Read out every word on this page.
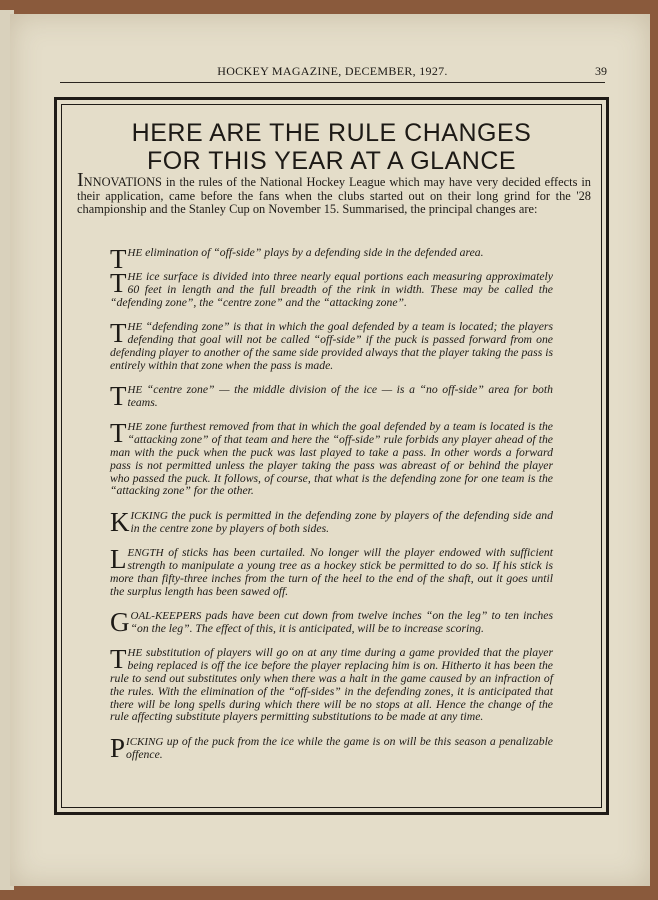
HOCKEY MAGAZINE, DECEMBER, 1927.	39
HERE ARE THE RULE CHANGES
FOR THIS YEAR AT A GLANCE
INNOVATIONS in the rules of the National Hockey League which may have very decided effects in their application, came before the fans when the clubs started out on their long grind for the '28 championship and the Stanley Cup on November 15. Summarised, the principal changes are:

THE elimination of “off-side” plays by a defending side in the defended area.

THE ice surface is divided into three nearly equal portions each measuring approximately 60 feet in length and the full breadth of the rink in width. These may be called the “defending zone”, the “centre zone” and the “attacking zone”.

THE “defending zone” is that in which the goal defended by a team is located; the players defending that goal will not be called “off-side” if the puck is passed forward from one defending player to another of the same side provided always that the player taking the pass is entirely within that zone when the pass is made.

THE “centre zone” — the middle division of the ice — is a “no off-side” area for both teams.

THE zone furthest removed from that in which the goal defended by a team is located is the “attacking zone” of that team and here the “off-side” rule forbids any player ahead of the man with the puck when the puck was last played to take a pass. In other words a forward pass is not permitted unless the player taking the pass was abreast of or behind the player who passed the puck. It follows, of course, that what is the defending zone for one team is the “attacking zone” for the other.

KICKING the puck is permitted in the defending zone by players of the defending side and in the centre zone by players of both sides.

LENGTH of sticks has been curtailed. No longer will the player endowed with sufficient strength to manipulate a young tree as a hockey stick be permitted to do so. If his stick is more than fifty-three inches from the turn of the heel to the end of the shaft, out it goes until the surplus length has been sawed off.

GOAL-KEEPERS pads have been cut down from twelve inches “on the leg” to ten inches “on the leg”. The effect of this, it is anticipated, will be to increase scoring.

THE substitution of players will go on at any time during a game provided that the player being replaced is off the ice before the player replacing him is on. Hitherto it has been the rule to send out substitutes only when there was a halt in the game caused by an infraction of the rules. With the elimination of the “off-sides” in the defending zones, it is anticipated that there will be long spells during which there will be no stops at all. Hence the change of the rule affecting substitute players permitting substitutions to be made at any time.

PICKING up of the puck from the ice while the game is on will be this season a penalizable offence.
